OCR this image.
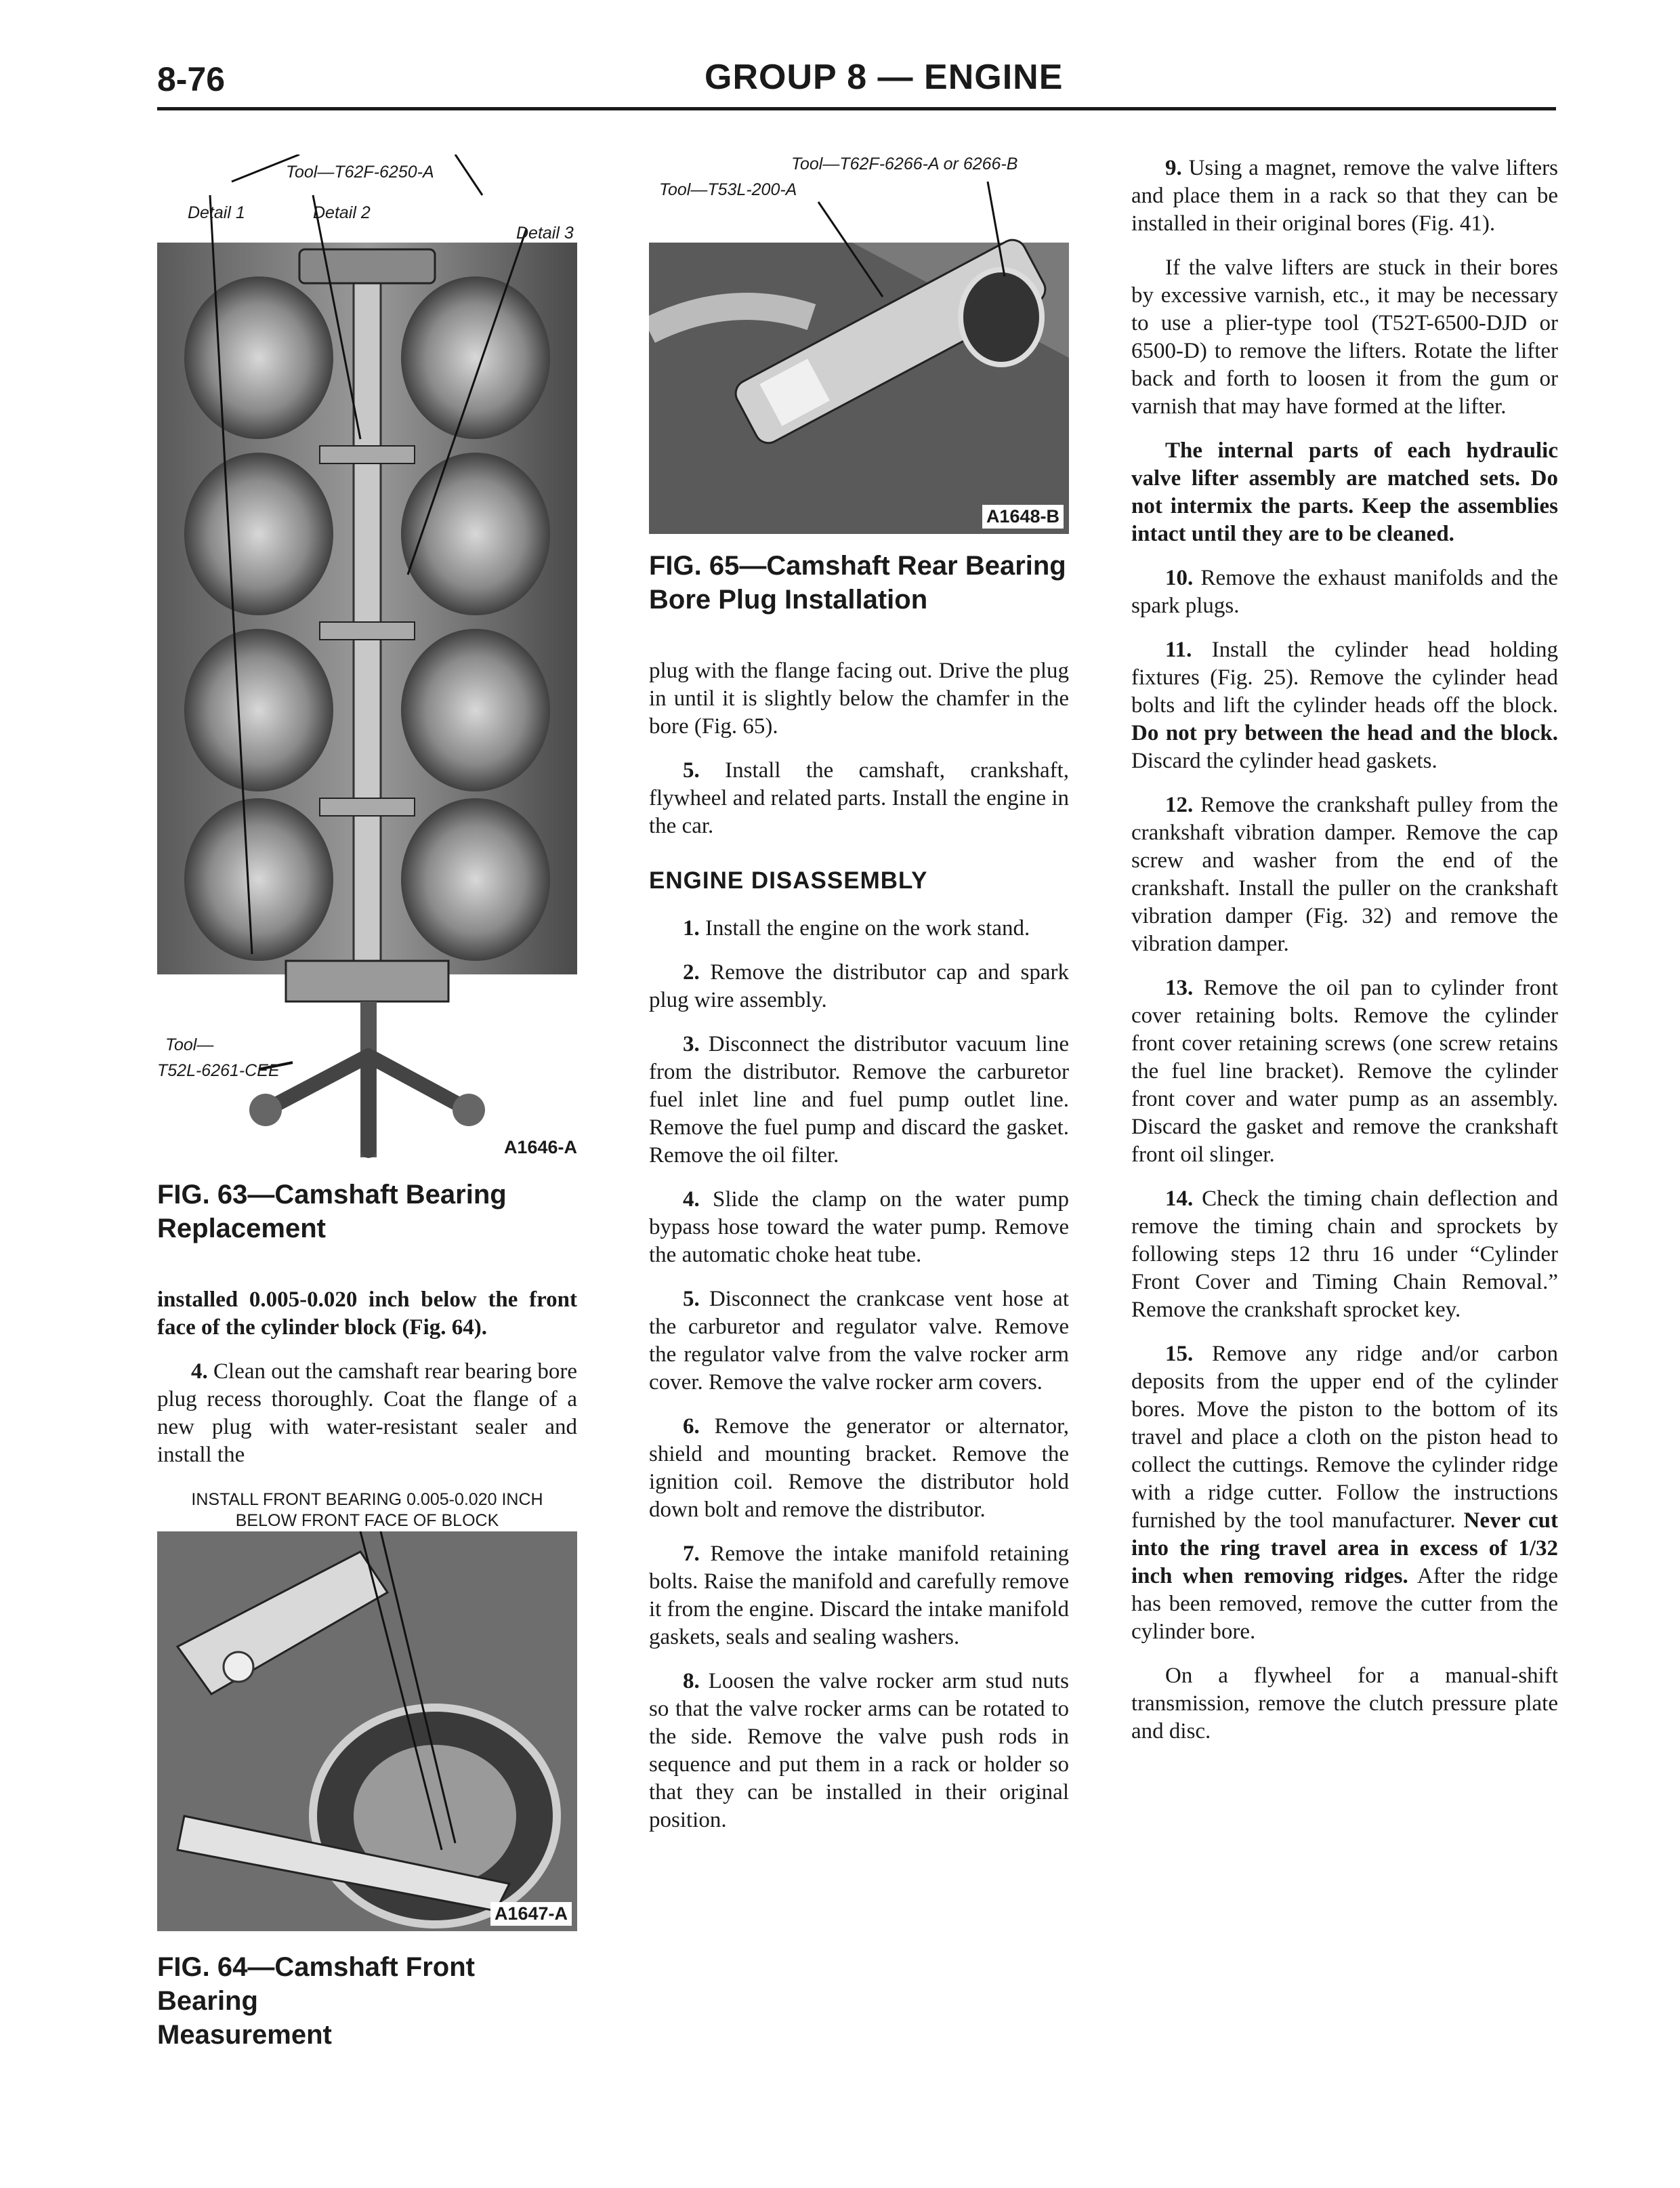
8-76	GROUP 8 — ENGINE
Tool—T62F-6250-A
Detail 1	Detail 2
Detail 3
Tool—
T52L-6261-CEE
A1646-A
FIG. 63—Camshaft Bearing
Replacement

installed 0.005-0.020 inch below the front face of the cylinder block (Fig. 64).

4. Clean out the camshaft rear bearing bore plug recess thoroughly. Coat the flange of a new plug with water-resistant sealer and install the

INSTALL FRONT BEARING 0.005-0.020 INCH
BELOW FRONT FACE OF BLOCK
A1647-A
FIG. 64—Camshaft Front Bearing
Measurement
Tool—T62F-6266-A or 6266-B
Tool—T53L-200-A
A1648-B
FIG. 65—Camshaft Rear Bearing
Bore Plug Installation

plug with the flange facing out. Drive the plug in until it is slightly below the chamfer in the bore (Fig. 65).

5. Install the camshaft, crankshaft, flywheel and related parts. Install the engine in the car.

ENGINE DISASSEMBLY

1. Install the engine on the work stand.

2. Remove the distributor cap and spark plug wire assembly.

3. Disconnect the distributor vacuum line from the distributor. Remove the carburetor fuel inlet line and fuel pump outlet line. Remove the fuel pump and discard the gasket. Remove the oil filter.

4. Slide the clamp on the water pump bypass hose toward the water pump. Remove the automatic choke heat tube.

5. Disconnect the crankcase vent hose at the carburetor and regulator valve. Remove the regulator valve from the valve rocker arm cover. Remove the valve rocker arm covers.

6. Remove the generator or alternator, shield and mounting bracket. Remove the ignition coil. Remove the distributor hold down bolt and remove the distributor.

7. Remove the intake manifold retaining bolts. Raise the manifold and carefully remove it from the engine. Discard the intake manifold gaskets, seals and sealing washers.

8. Loosen the valve rocker arm stud nuts so that the valve rocker arms can be rotated to the side. Remove the valve push rods in sequence and put them in a rack or holder so that they can be installed in their original position.

9. Using a magnet, remove the valve lifters and place them in a rack so that they can be installed in their original bores (Fig. 41).

If the valve lifters are stuck in their bores by excessive varnish, etc., it may be necessary to use a plier-type tool (T52T-6500-DJD or 6500-D) to remove the lifters. Rotate the lifter back and forth to loosen it from the gum or varnish that may have formed at the lifter.

The internal parts of each hydraulic valve lifter assembly are matched sets. Do not intermix the parts. Keep the assemblies intact until they are to be cleaned.

10. Remove the exhaust manifolds and the spark plugs.

11. Install the cylinder head holding fixtures (Fig. 25). Remove the cylinder head bolts and lift the cylinder heads off the block. Do not pry between the head and the block. Discard the cylinder head gaskets.

12. Remove the crankshaft pulley from the crankshaft vibration damper. Remove the cap screw and washer from the end of the crankshaft. Install the puller on the crankshaft vibration damper (Fig. 32) and remove the vibration damper.

13. Remove the oil pan to cylinder front cover retaining bolts. Remove the cylinder front cover retaining screws (one screw retains the fuel line bracket). Remove the cylinder front cover and water pump as an assembly. Discard the gasket and remove the crankshaft front oil slinger.

14. Check the timing chain deflection and remove the timing chain and sprockets by following steps 12 thru 16 under “Cylinder Front Cover and Timing Chain Removal.” Remove the crankshaft sprocket key.

15. Remove any ridge and/or carbon deposits from the upper end of the cylinder bores. Move the piston to the bottom of its travel and place a cloth on the piston head to collect the cuttings. Remove the cylinder ridge with a ridge cutter. Follow the instructions furnished by the tool manufacturer. Never cut into the ring travel area in excess of 1/32 inch when removing ridges. After the ridge has been removed, remove the cutter from the cylinder bore.

On a flywheel for a manual-shift transmission, remove the clutch pressure plate and disc.
